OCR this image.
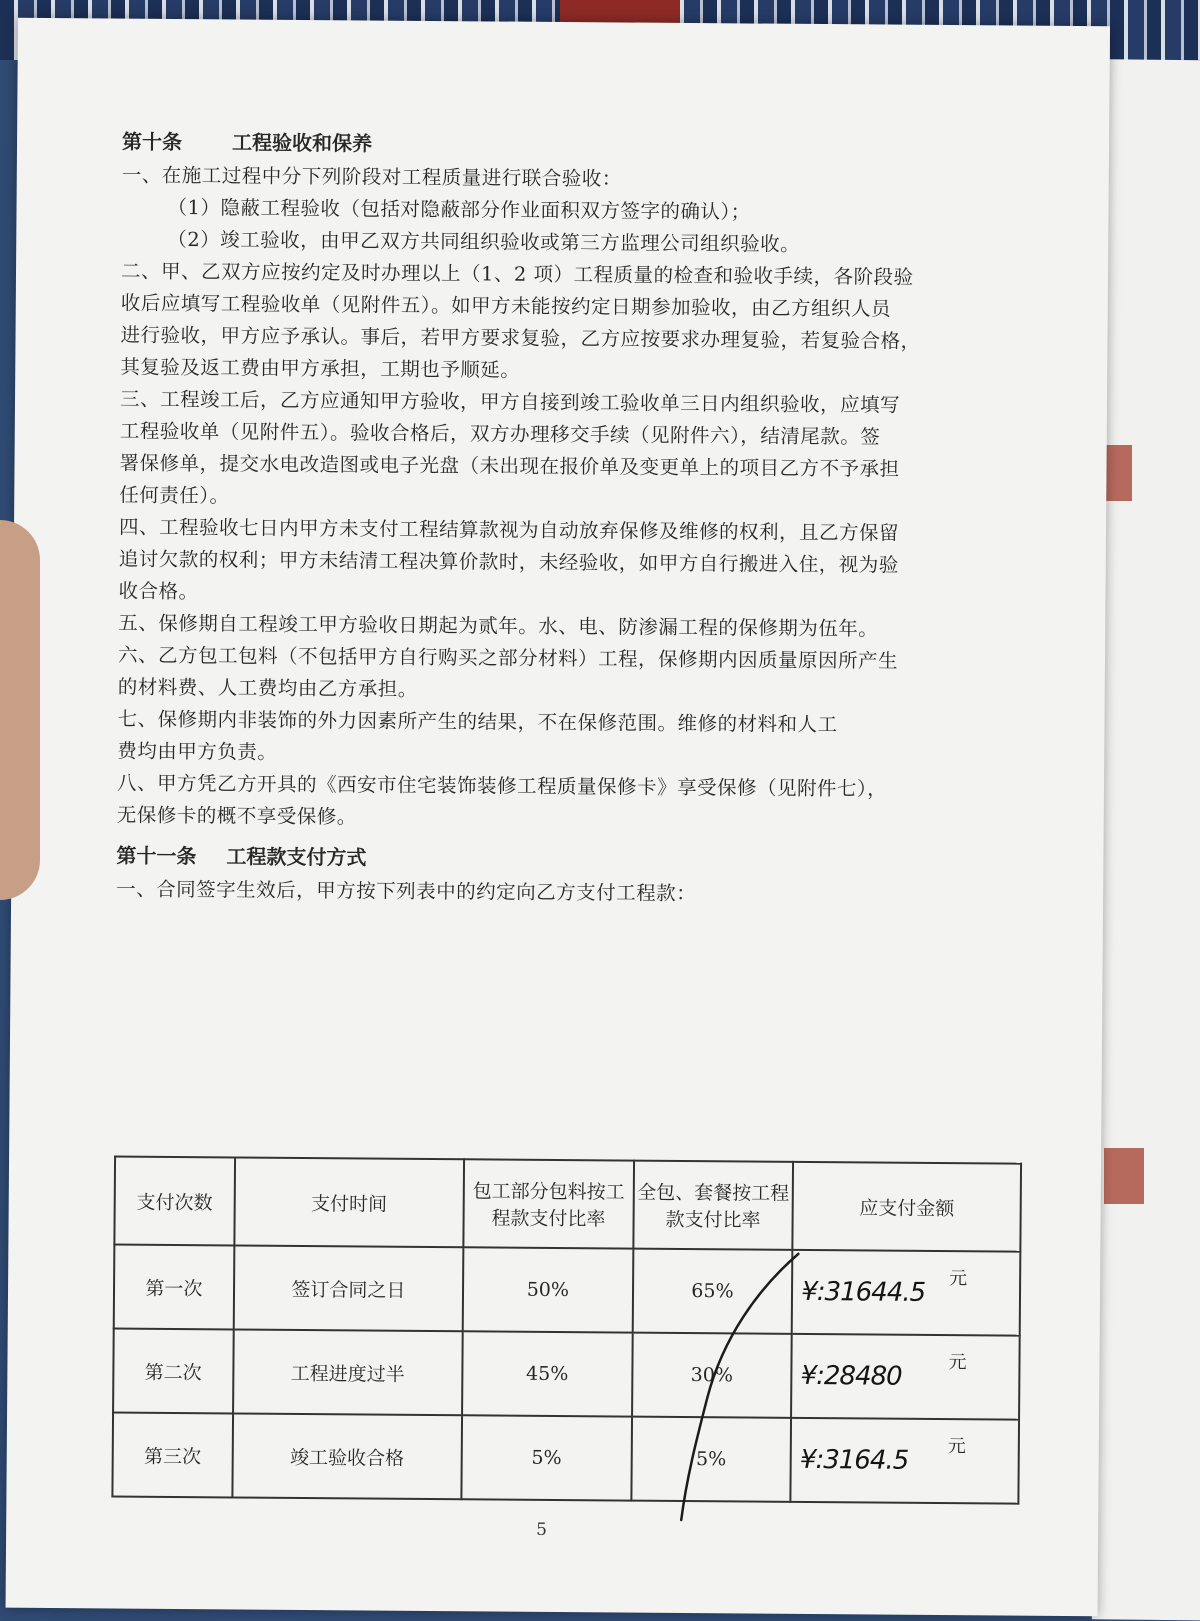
第十条 工程验收和保养
一、在施工过程中分下列阶段对工程质量进行联合验收：
（1）隐蔽工程验收（包括对隐蔽部分作业面积双方签字的确认）；
（2）竣工验收，由甲乙双方共同组织验收或第三方监理公司组织验收。
二、甲、乙双方应按约定及时办理以上（1、2 项）工程质量的检查和验收手续，各阶段验
收后应填写工程验收单（见附件五）。如甲方未能按约定日期参加验收，由乙方组织人员
进行验收，甲方应予承认。事后，若甲方要求复验，乙方应按要求办理复验，若复验合格，
其复验及返工费由甲方承担，工期也予顺延。
三、工程竣工后，乙方应通知甲方验收，甲方自接到竣工验收单三日内组织验收，应填写
工程验收单（见附件五）。验收合格后，双方办理移交手续（见附件六），结清尾款。签
署保修单，提交水电改造图或电子光盘（未出现在报价单及变更单上的项目乙方不予承担
任何责任）。
四、工程验收七日内甲方未支付工程结算款视为自动放弃保修及维修的权利，且乙方保留
追讨欠款的权利；甲方未结清工程决算价款时，未经验收，如甲方自行搬进入住，视为验
收合格。
五、保修期自工程竣工甲方验收日期起为贰年。水、电、防渗漏工程的保修期为伍年。
六、乙方包工包料（不包括甲方自行购买之部分材料）工程，保修期内因质量原因所产生
的材料费、人工费均由乙方承担。
七、保修期内非装饰的外力因素所产生的结果，不在保修范围。维修的材料和人工
费均由甲方负责。
八、甲方凭乙方开具的《西安市住宅装饰装修工程质量保修卡》享受保修（见附件七），
无保修卡的概不享受保修。
第十一条 工程款支付方式
一、合同签字生效后，甲方按下列表中的约定向乙方支付工程款：
支付次数	支付时间	包工部分包料按工程款支付比率	全包、套餐按工程款支付比率	应支付金额
第一次	签订合同之日	50%	65%	¥:31644.5 元

第二次	工程进度过半	45%	30%	¥:28480 元

第三次	竣工验收合格	5%	5%	¥:3164.5 元
5
